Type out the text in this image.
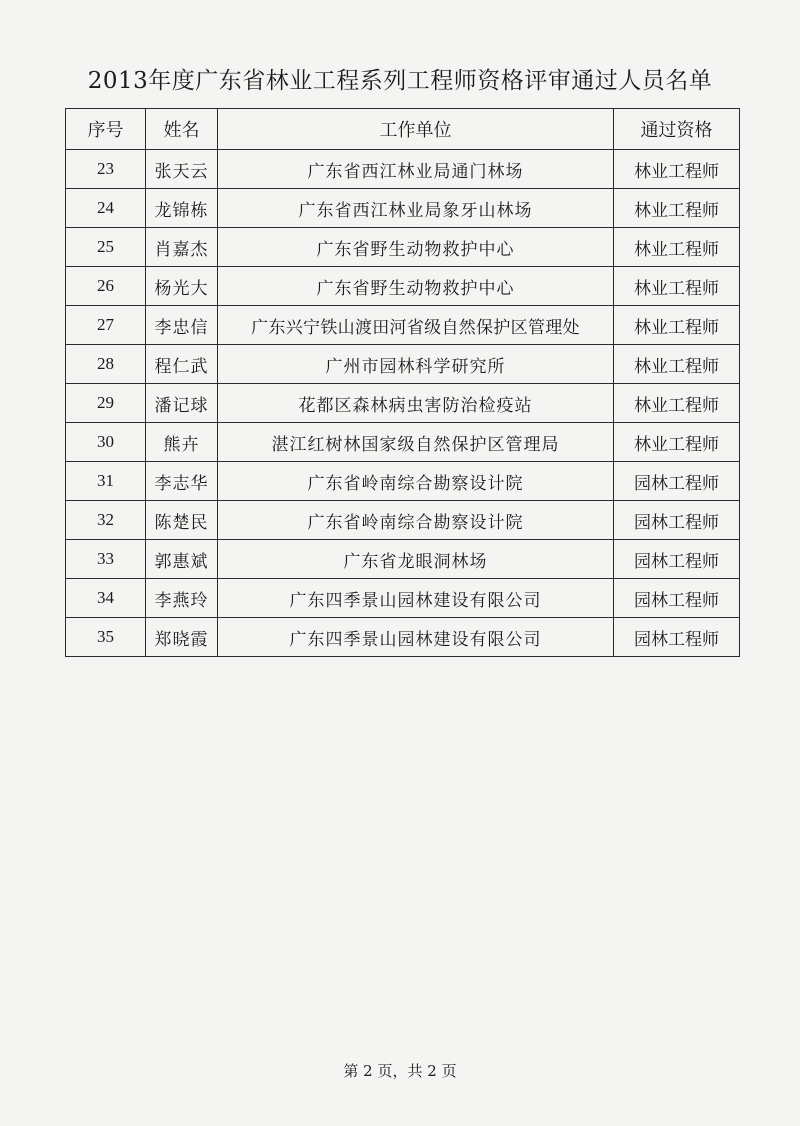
2013年度广东省林业工程系列工程师资格评审通过人员名单
序号	姓名	工作单位	通过资格
23	张天云	广东省西江林业局通门林场	林业工程师
24	龙锦栋	广东省西江林业局象牙山林场	林业工程师
25	肖嘉杰	广东省野生动物救护中心	林业工程师
26	杨光大	广东省野生动物救护中心	林业工程师
27	李忠信	广东兴宁铁山渡田河省级自然保护区管理处	林业工程师
28	程仁武	广州市园林科学研究所	林业工程师
29	潘记球	花都区森林病虫害防治检疫站	林业工程师
30	熊卉	湛江红树林国家级自然保护区管理局	林业工程师
31	李志华	广东省岭南综合勘察设计院	园林工程师
32	陈楚民	广东省岭南综合勘察设计院	园林工程师
33	郭惠斌	广东省龙眼洞林场	园林工程师
34	李燕玲	广东四季景山园林建设有限公司	园林工程师
35	郑晓霞	广东四季景山园林建设有限公司	园林工程师
第 2 页，共 2 页
